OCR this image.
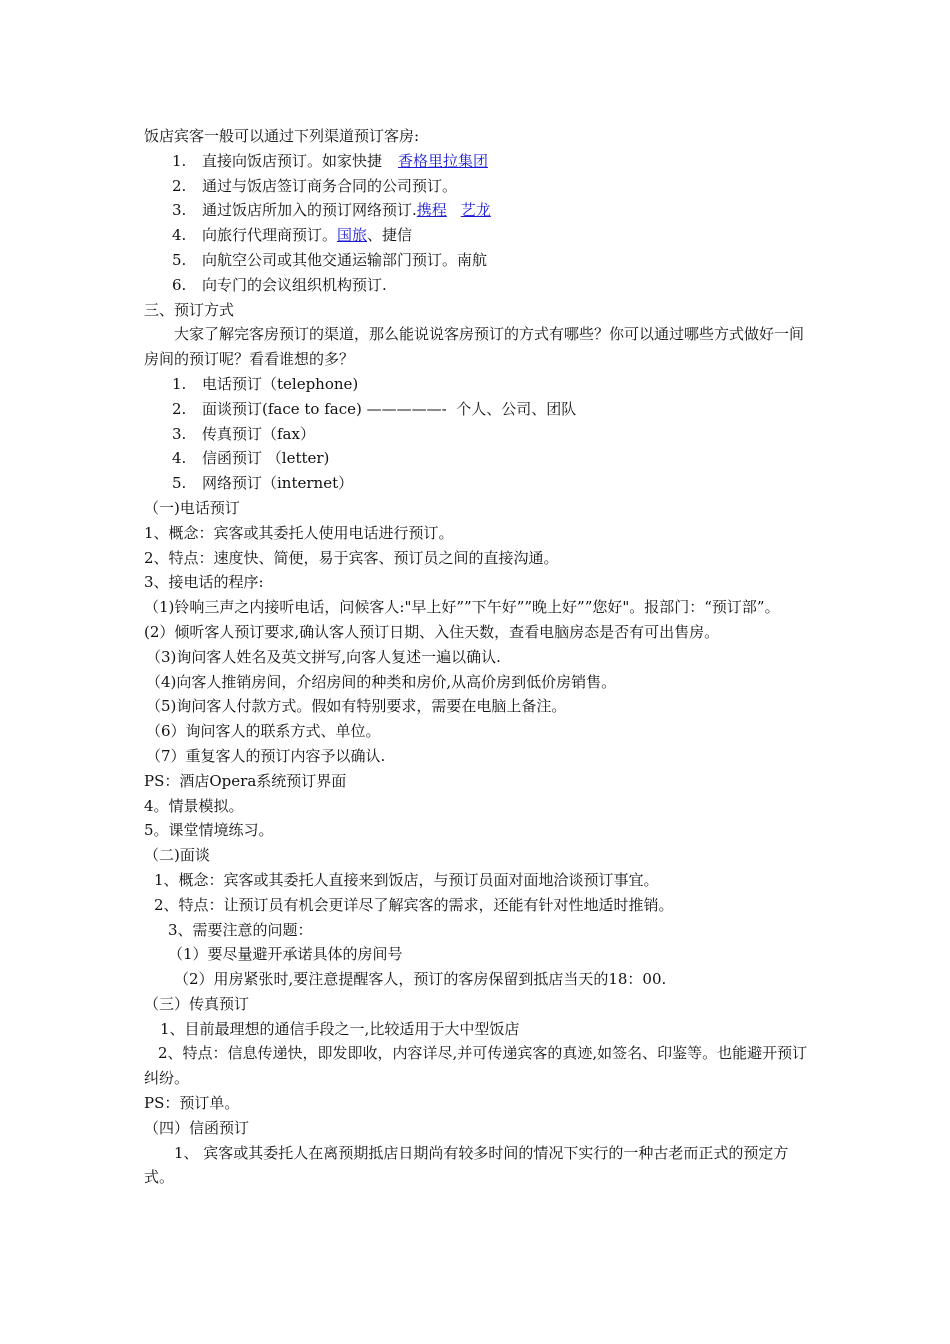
饭店宾客一般可以通过下列渠道预订客房:
1. 直接向饭店预订。如家快捷 香格里拉集团
2. 通过与饭店签订商务合同的公司预订。
3. 通过饭店所加入的预订网络预订.携程 艺龙
4. 向旅行代理商预订。国旅、捷信
5. 向航空公司或其他交通运输部门预订。南航
6. 向专门的会议组织机构预订.
三、预订方式
大家了解完客房预订的渠道，那么能说说客房预订的方式有哪些？你可以通过哪些方式做好一间房间的预订呢？看看谁想的多？
1. 电话预订（telephone)
2. 面谈预订(face to face) —————-  个人、公司、团队
3. 传真预订（fax）
4. 信函预订 （letter)
5. 网络预订（internet）
（一)电话预订
1、概念：宾客或其委托人使用电话进行预订。
2、特点：速度快、简便，易于宾客、预订员之间的直接沟通。
3、接电话的程序:
（1)铃响三声之内接听电话，问候客人:"早上好””下午好””晚上好””您好"。报部门：“预订部”。
(2）倾听客人预订要求,确认客人预订日期、入住天数，查看电脑房态是否有可出售房。
（3)询问客人姓名及英文拼写,向客人复述一遍以确认.
（4)向客人推销房间，介绍房间的种类和房价,从高价房到低价房销售。
（5)询问客人付款方式。假如有特别要求，需要在电脑上备注。
（6）询问客人的联系方式、单位。
（7）重复客人的预订内容予以确认.
PS：酒店Opera系统预订界面
4。情景模拟。
5。课堂情境练习。
（二)面谈
1、概念：宾客或其委托人直接来到饭店，与预订员面对面地洽谈预订事宜。
2、特点：让预订员有机会更详尽了解宾客的需求，还能有针对性地适时推销。
3、需要注意的问题：
（1）要尽量避开承诺具体的房间号
（2）用房紧张时,要注意提醒客人，预订的客房保留到抵店当天的18：00.
（三）传真预订
1、目前最理想的通信手段之一,比较适用于大中型饭店
2、特点：信息传递快，即发即收，内容详尽,并可传递宾客的真迹,如签名、印鉴等。也能避开预订纠纷。
PS：预订单。
（四）信函预订
1、 宾客或其委托人在离预期抵店日期尚有较多时间的情况下实行的一种古老而正式的预定方式。
